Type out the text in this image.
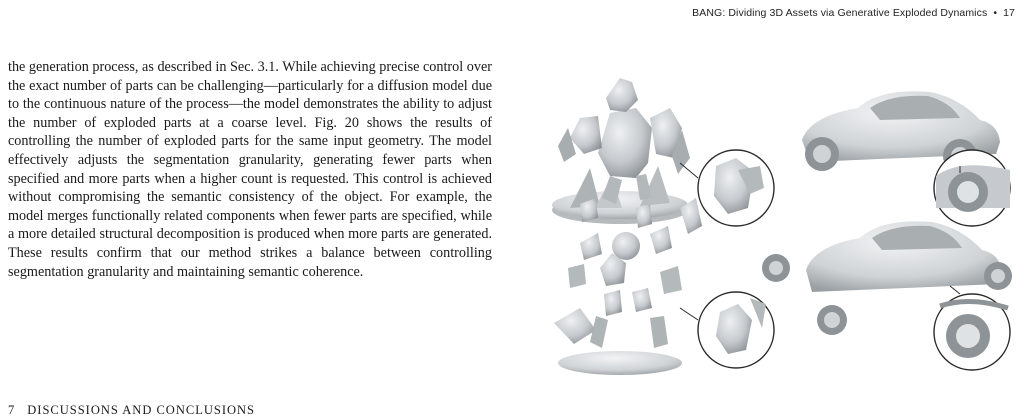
BANG: Dividing 3D Assets via Generative Exploded Dynamics • 17
the generation process, as described in Sec. 3.1. While achieving precise control over the exact number of parts can be challenging—particularly for a diffusion model due to the continuous nature of the process—the model demonstrates the ability to adjust the number of exploded parts at a coarse level. Fig. 20 shows the results of controlling the number of exploded parts for the same input geometry. The model effectively adjusts the segmentation granularity, generating fewer parts when specified and more parts when a higher count is requested. This control is achieved without compromising the semantic consistency of the object. For example, the model merges functionally related components when fewer parts are specified, while a more detailed structural decomposition is produced when more parts are generated. These results confirm that our method strikes a balance between controlling segmentation granularity and maintaining semantic coherence.
7 DISCUSSIONS AND CONCLUSIONS
